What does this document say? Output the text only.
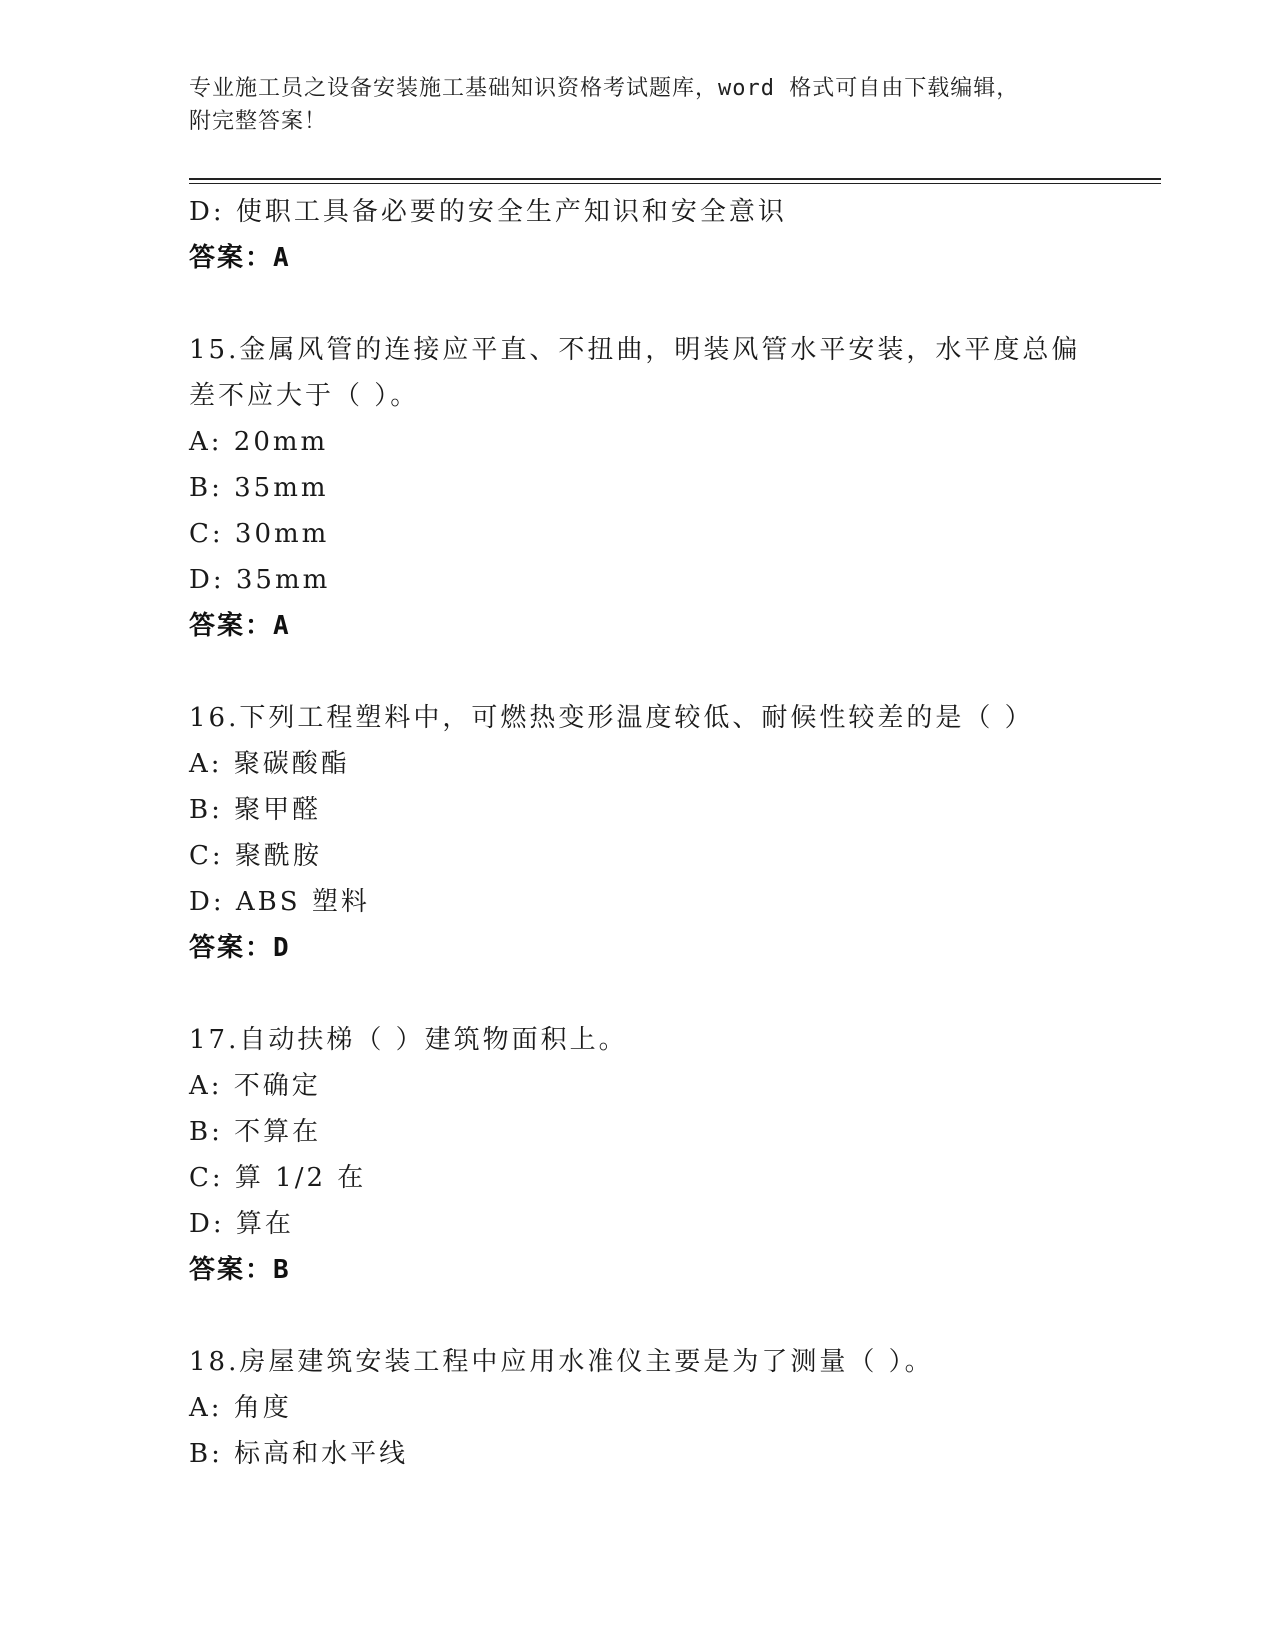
专业施工员之设备安装施工基础知识资格考试题库，word 格式可自由下载编辑，
附完整答案！
D: 使职工具备必要的安全生产知识和安全意识
答案：A
15.金属风管的连接应平直、不扭曲，明装风管水平安装，水平度总偏
差不应大于（ ）。
A: 20mm
B: 35mm
C: 30mm
D: 35mm
答案：A
16.下列工程塑料中，可燃热变形温度较低、耐候性较差的是（ ）
A: 聚碳酸酯
B: 聚甲醛
C: 聚酰胺
D: ABS 塑料
答案：D
17.自动扶梯（ ）建筑物面积上。
A: 不确定
B: 不算在
C: 算 1/2 在
D: 算在
答案：B
18.房屋建筑安装工程中应用水准仪主要是为了测量（ ）。
A: 角度
B: 标高和水平线
